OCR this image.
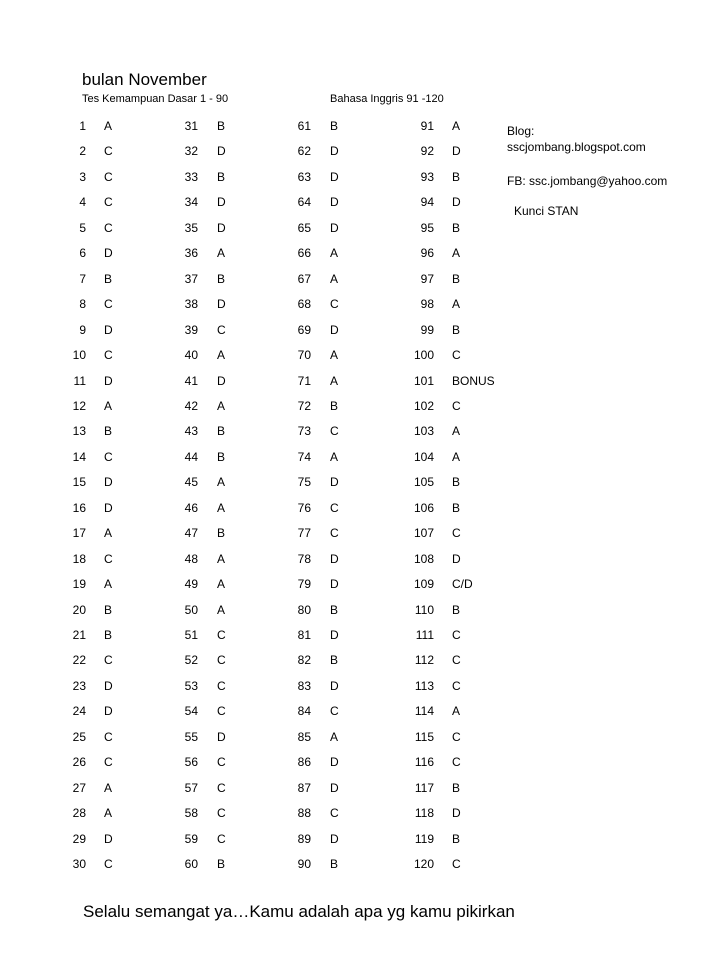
bulan November
Tes Kemampuan Dasar 1 - 90	Bahasa Inggris 91 -120
Blog:
sscjombang.blogspot.com
FB: ssc.jombang@yahoo.com
Kunci STAN
1 A
2 C
3 C
4 C
5 C
6 D
7 B
8 C
9 D
10 C
11 D
12 A
13 B
14 C
15 D
16 D
17 A
18 C
19 A
20 B
21 B
22 C
23 D
24 D
25 C
26 C
27 A
28 A
29 D
30 C
31 B
32 D
33 B
34 D
35 D
36 A
37 B
38 D
39 C
40 A
41 D
42 A
43 B
44 B
45 A
46 A
47 B
48 A
49 A
50 A
51 C
52 C
53 C
54 C
55 D
56 C
57 C
58 C
59 C
60 B
61 B
62 D
63 D
64 D
65 D
66 A
67 A
68 C
69 D
70 A
71 A
72 B
73 C
74 A
75 D
76 C
77 C
78 D
79 D
80 B
81 D
82 B
83 D
84 C
85 A
86 D
87 D
88 C
89 D
90 B
91 A
92 D
93 B
94 D
95 B
96 A
97 B
98 A
99 B
100 C
101 BONUS
102 C
103 A
104 A
105 B
106 B
107 C
108 D
109 C/D
110 B
111 C
112 C
113 C
114 A
115 C
116 C
117 B
118 D
119 B
120 C
Selalu semangat ya…Kamu adalah apa yg kamu pikirkan
